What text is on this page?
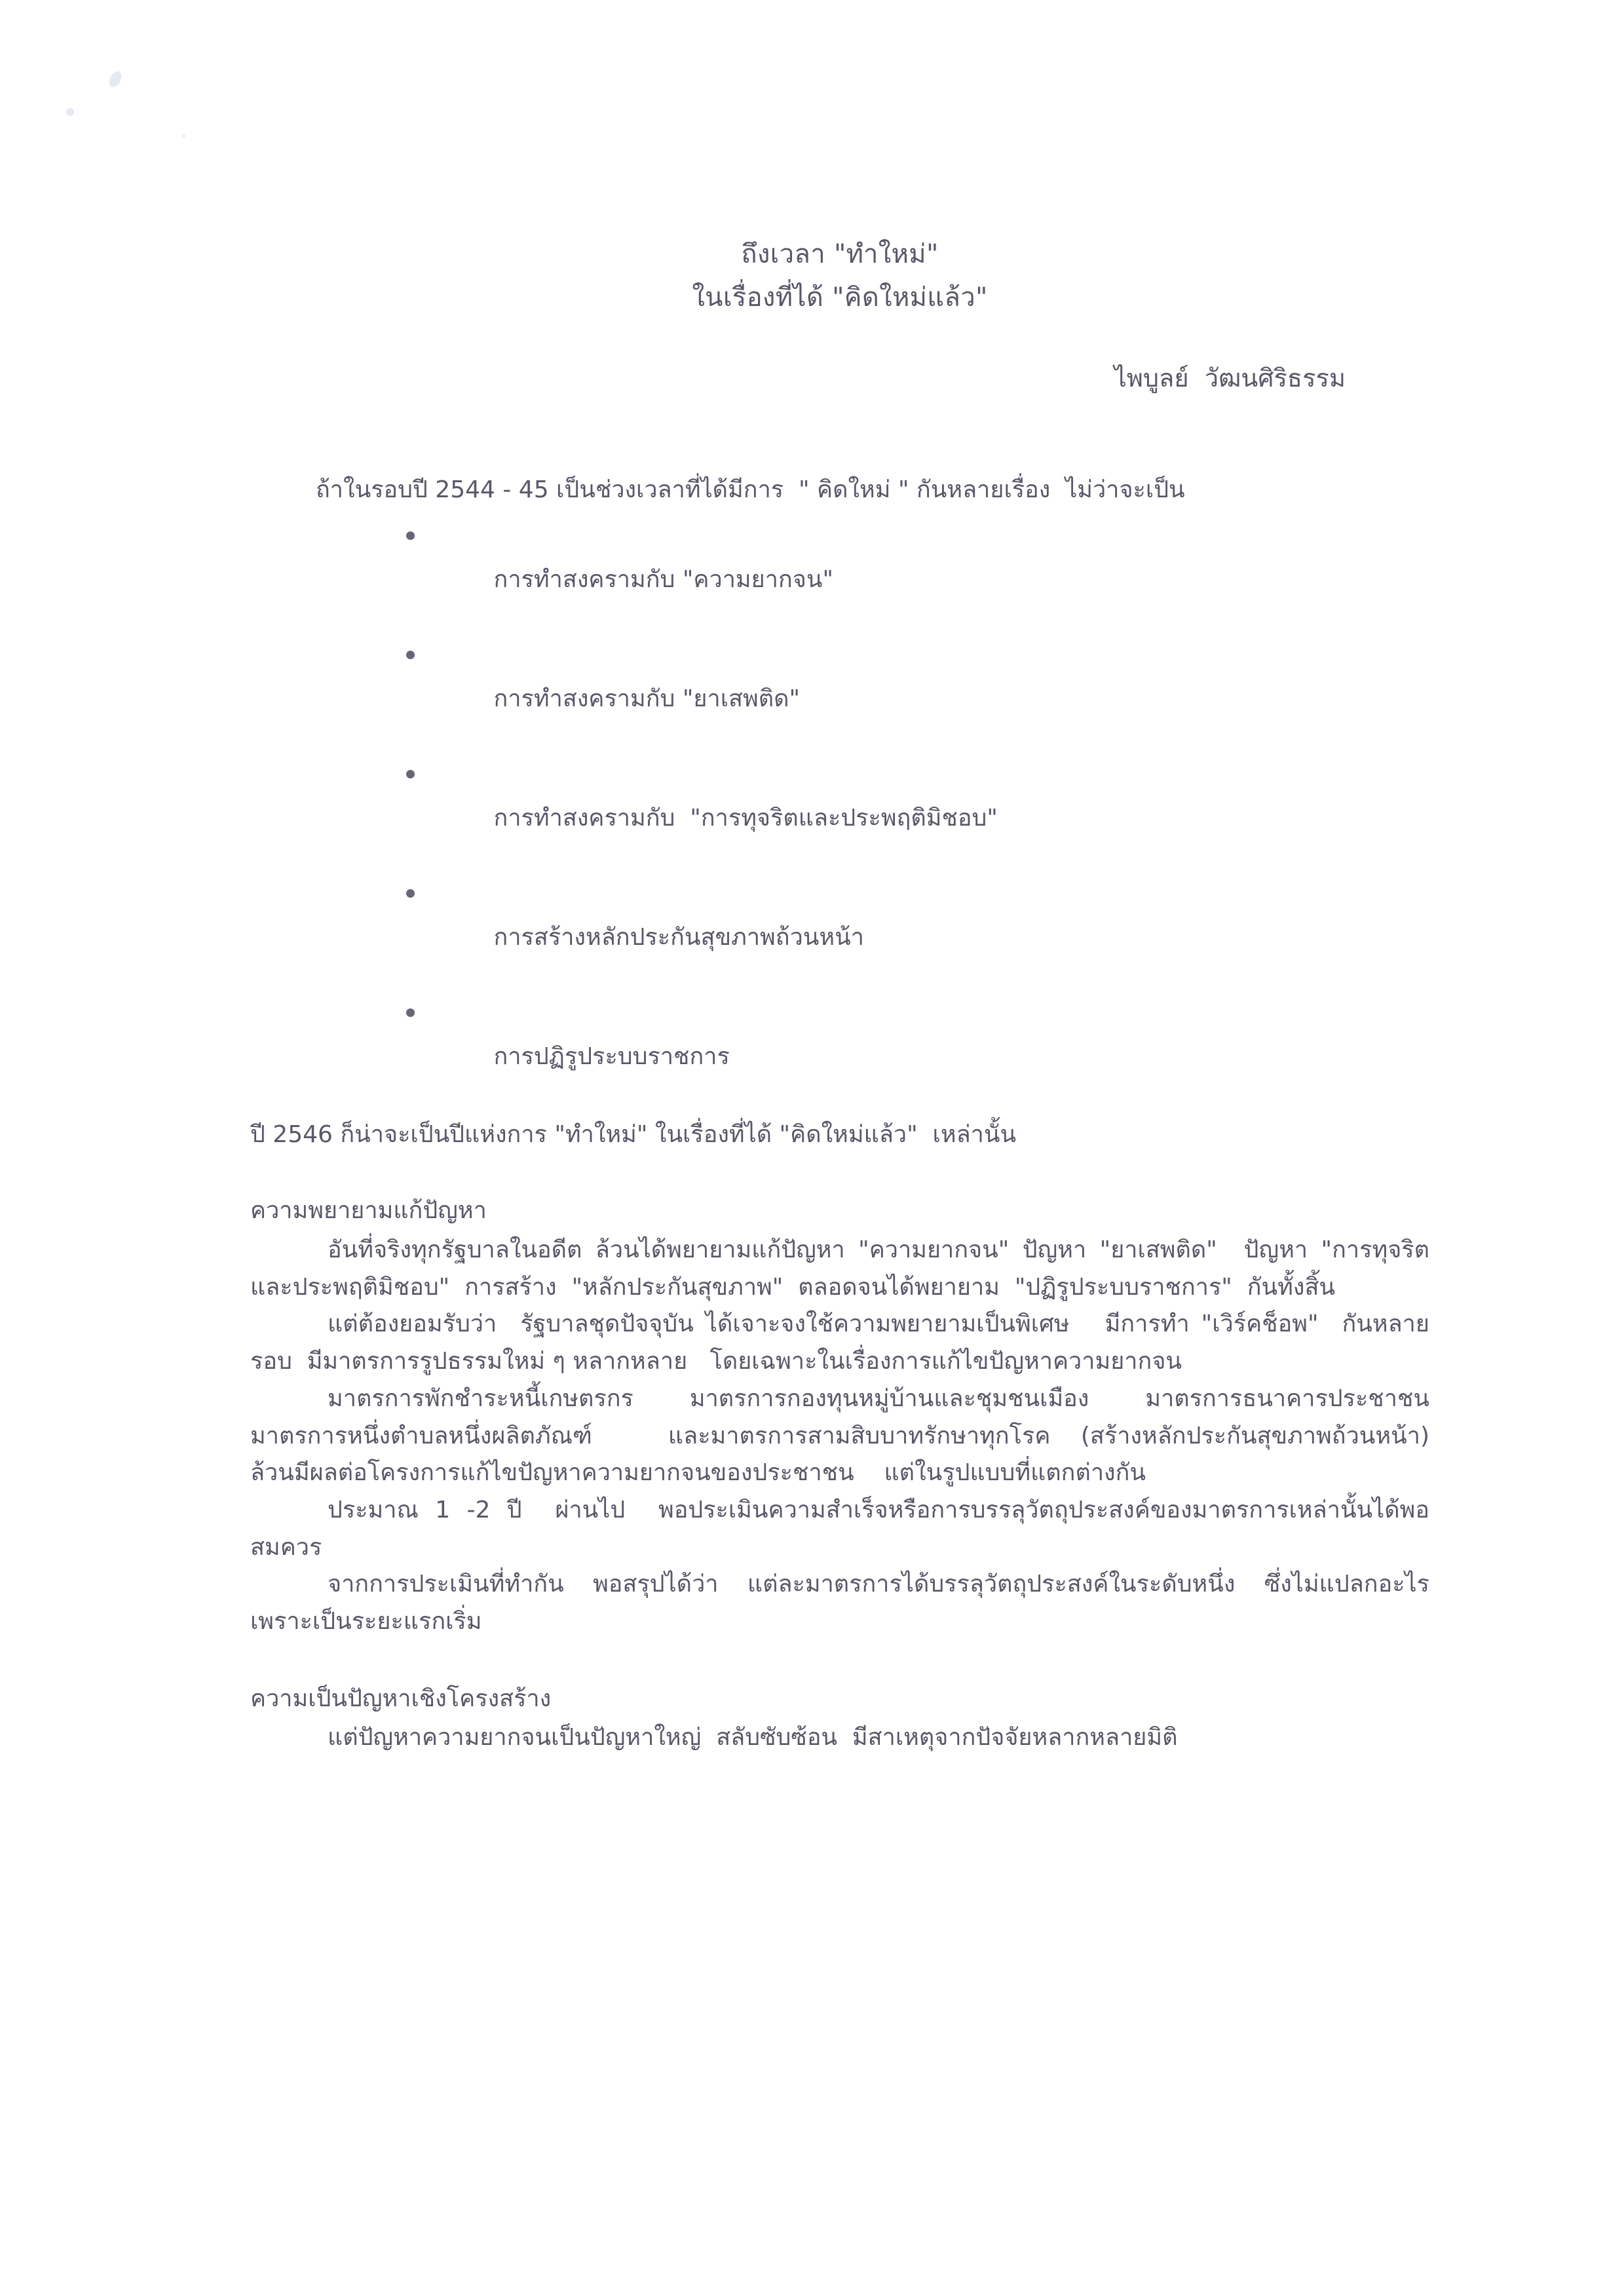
ถึงเวลา "ทำใหม่"
ในเรื่องที่ได้ "คิดใหม่แล้ว"
ไพบูลย์  วัฒนศิริธรรม
ถ้าในรอบปี 2544 - 45 เป็นช่วงเวลาที่ได้มีการ  " คิดใหม่ " กันหลายเรื่อง  ไม่ว่าจะเป็น

การทำสงครามกับ "ความยากจน"

การทำสงครามกับ "ยาเสพติด"

การทำสงครามกับ  "การทุจริตและประพฤติมิชอบ"

การสร้างหลักประกันสุขภาพถ้วนหน้า

การปฏิรูประบบราชการ

ปี 2546 ก็น่าจะเป็นปีแห่งการ "ทำใหม่" ในเรื่องที่ได้ "คิดใหม่แล้ว"  เหล่านั้น
ความพยายามแก้ปัญหา

อันที่จริงทุกรัฐบาลในอดีต ล้วนได้พยายามแก้ปัญหา "ความยากจน" ปัญหา "ยาเสพติด"  ปัญหา "การทุจริตและประพฤติมิชอบ"  การสร้าง  "หลักประกันสุขภาพ"  ตลอดจนได้พยายาม  "ปฏิรูประบบราชการ"  กันทั้งสิ้น

แต่ต้องยอมรับว่า  รัฐบาลชุดปัจจุบัน ได้เจาะจงใช้ความพยายามเป็นพิเศษ   มีการทำ "เวิร์คช็อพ"  กันหลายรอบ  มีมาตรการรูปธรรมใหม่ ๆ หลากหลาย   โดยเฉพาะในเรื่องการแก้ไขปัญหาความยากจน

มาตรการพักชำระหนี้เกษตรกร     มาตรการกองทุนหมู่บ้านและชุมชนเมือง     มาตรการธนาคารประชาชน     มาตรการหนึ่งตำบลหนึ่งผลิตภัณฑ์     และมาตรการสามสิบบาทรักษาทุกโรค  (สร้างหลักประกันสุขภาพถ้วนหน้า)  ล้วนมีผลต่อโครงการแก้ไขปัญหาความยากจนของประชาชน    แต่ในรูปแบบที่แตกต่างกัน

ประมาณ 1 -2 ปี  ผ่านไป  พอประเมินความสำเร็จหรือการบรรลุวัตถุประสงค์ของมาตรการเหล่านั้นได้พอสมควร

จากการประเมินที่ทำกัน  พอสรุปได้ว่า  แต่ละมาตรการได้บรรลุวัตถุประสงค์ในระดับหนึ่ง  ซึ่งไม่แปลกอะไร  เพราะเป็นระยะแรกเริ่ม

ความเป็นปัญหาเชิงโครงสร้าง

แต่ปัญหาความยากจนเป็นปัญหาใหญ่  สลับซับซ้อน  มีสาเหตุจากปัจจัยหลากหลายมิติ
